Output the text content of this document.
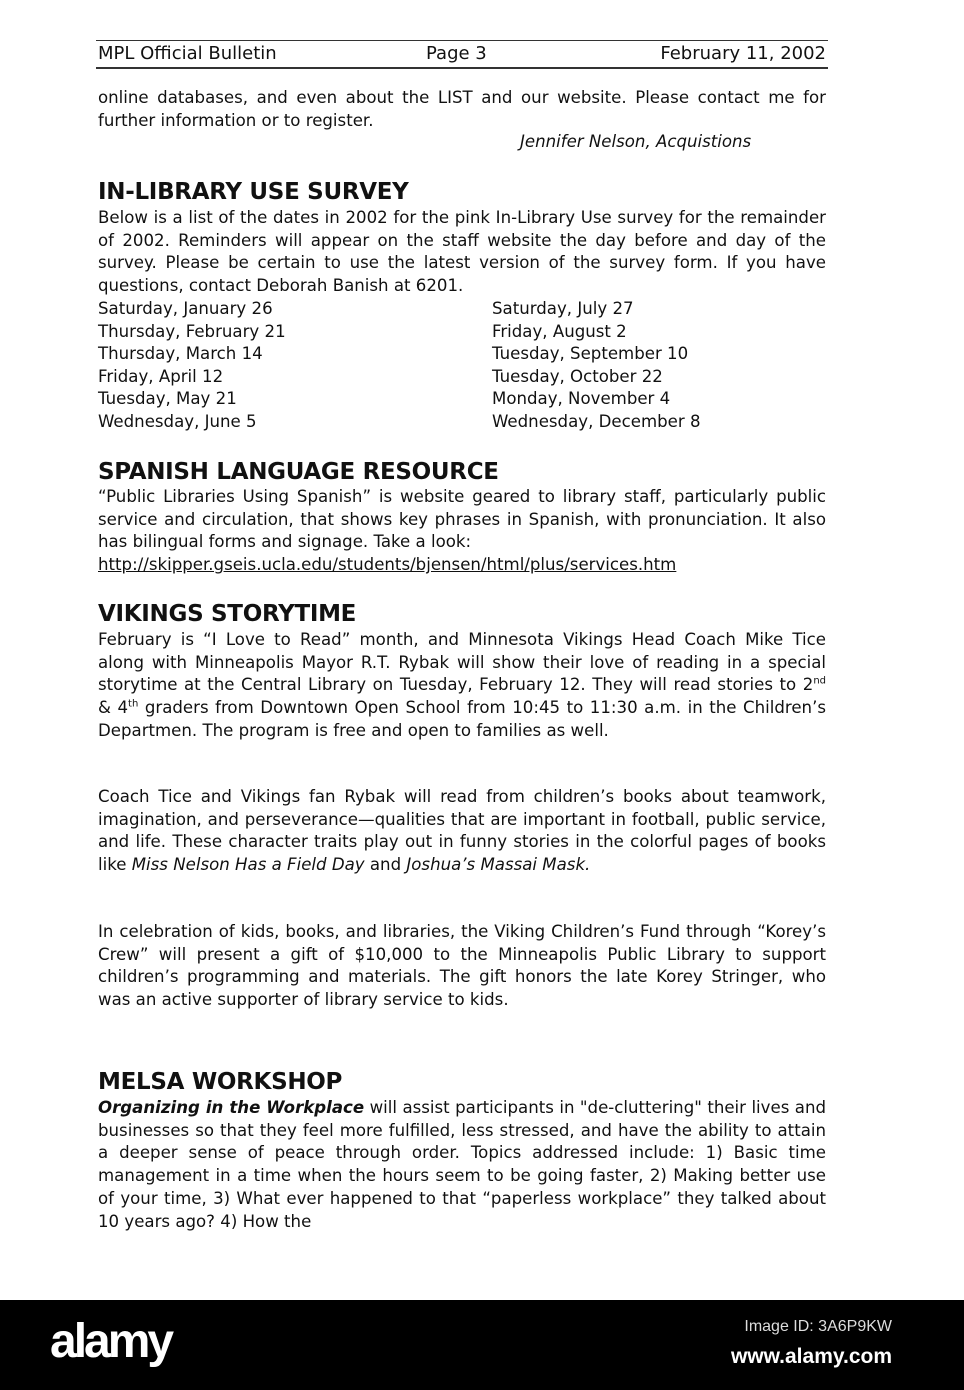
MPL Official Bulletin	Page 3	February 11, 2002
online databases, and even about the LIST and our website. Please contact me for further information or to register.
Jennifer Nelson, Acquistions
IN-LIBRARY USE SURVEY
Below is a list of the dates in 2002 for the pink In-Library Use survey for the remainder of 2002. Reminders will appear on the staff website the day before and day of the survey. Please be certain to use the latest version of the survey form. If you have questions, contact Deborah Banish at 6201.
Saturday, January 26
Thursday, February 21
Thursday, March 14
Friday, April 12
Tuesday, May 21
Wednesday, June 5
Saturday, July 27
Friday, August 2
Tuesday, September 10
Tuesday, October 22
Monday, November 4
Wednesday, December 8
SPANISH LANGUAGE RESOURCE
“Public Libraries Using Spanish” is website geared to library staff, particularly public service and circulation, that shows key phrases in Spanish, with pronunciation. It also has bilingual forms and signage. Take a look:
http://skipper.gseis.ucla.edu/students/bjensen/html/plus/services.htm
VIKINGS STORYTIME
February is “I Love to Read” month, and Minnesota Vikings Head Coach Mike Tice along with Minneapolis Mayor R.T. Rybak will show their love of reading in a special storytime at the Central Library on Tuesday, February 12. They will read stories to 2nd & 4th graders from Downtown Open School from 10:45 to 11:30 a.m. in the Children’s Departmen. The program is free and open to families as well.
Coach Tice and Vikings fan Rybak will read from children’s books about teamwork, imagination, and perseverance—qualities that are important in football, public service, and life. These character traits play out in funny stories in the colorful pages of books like Miss Nelson Has a Field Day and Joshua’s Massai Mask.
In celebration of kids, books, and libraries, the Viking Children’s Fund through “Korey’s Crew” will present a gift of $10,000 to the Minneapolis Public Library to support children’s programming and materials. The gift honors the late Korey Stringer, who was an active supporter of library service to kids.
MELSA WORKSHOP
Organizing in the Workplace will assist participants in "de-cluttering" their lives and businesses so that they feel more fulfilled, less stressed, and have the ability to attain a deeper sense of peace through order. Topics addressed include: 1) Basic time management in a time when the hours seem to be going faster, 2) Making better use of your time, 3) What ever happened to that “paperless workplace” they talked about 10 years ago? 4) How the
alamy	Image ID: 3A6P9KW
www.alamy.com
